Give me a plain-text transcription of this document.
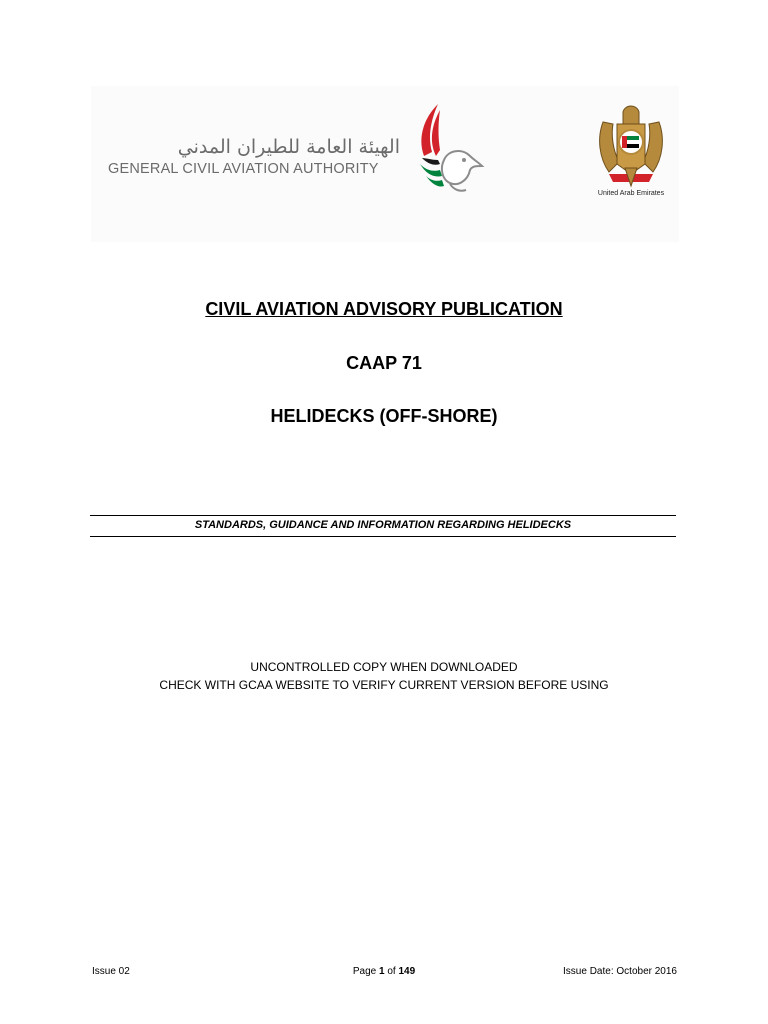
الهيئة العامة للطيران المدني
GENERAL CIVIL AVIATION AUTHORITY
United Arab Emirates
CIVIL AVIATION ADVISORY PUBLICATION
CAAP 71
HELIDECKS (OFF-SHORE)
STANDARDS, GUIDANCE AND INFORMATION REGARDING HELIDECKS
UNCONTROLLED COPY WHEN DOWNLOADED
CHECK WITH GCAA WEBSITE TO VERIFY CURRENT VERSION BEFORE USING
Issue 02	Page 1 of 149	Issue Date: October 2016
